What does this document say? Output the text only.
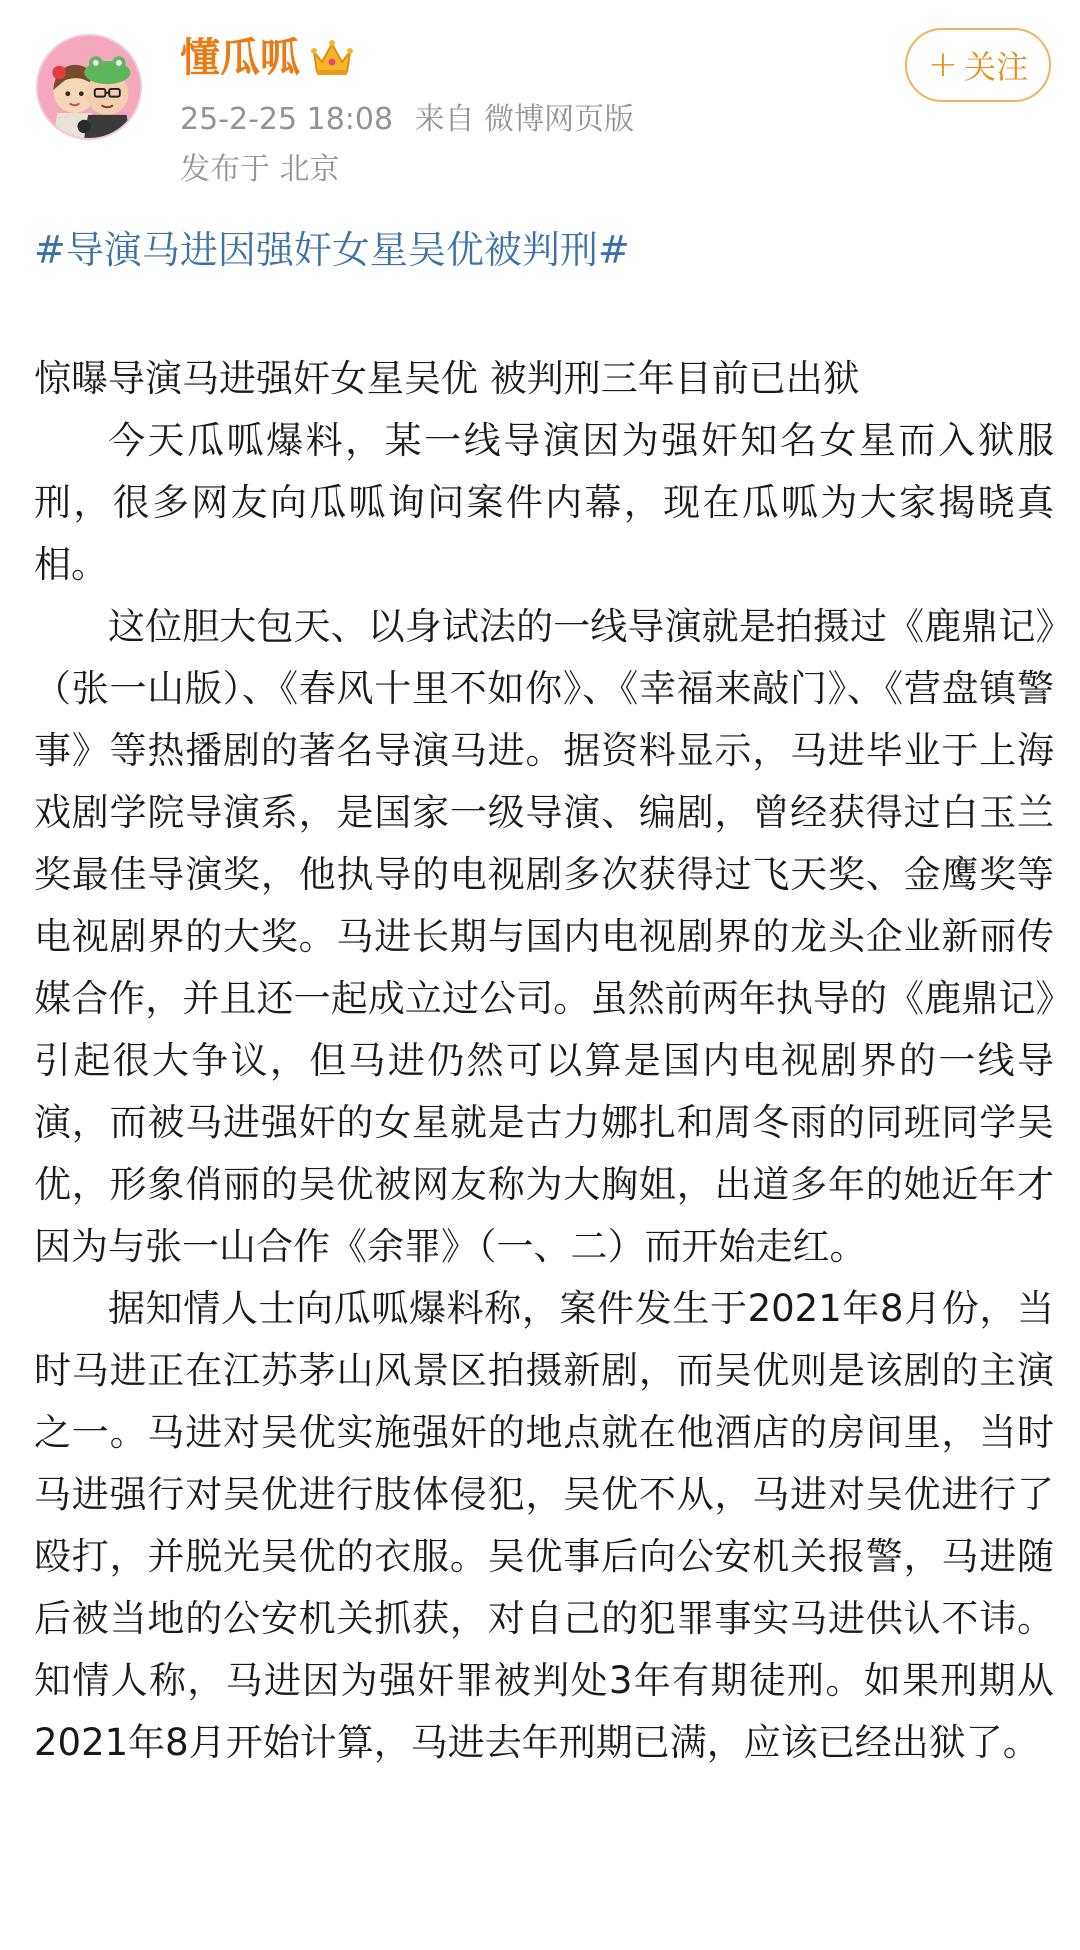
懂瓜呱
25-2-25 18:08 来自 微博网页版
发布于 北京
+ 关注
#导演马进因强奸女星吴优被判刑#

惊曝导演马进强奸女星吴优 被判刑三年目前已出狱

今天瓜呱爆料，某一线导演因为强奸知名女星而入狱服刑，很多网友向瓜呱询问案件内幕，现在瓜呱为大家揭晓真相。

这位胆大包天、以身试法的一线导演就是拍摄过《鹿鼎记》（张一山版）、《春风十里不如你》、《幸福来敲门》、《营盘镇警事》等热播剧的著名导演马进。据资料显示，马进毕业于上海戏剧学院导演系，是国家一级导演、编剧，曾经获得过白玉兰奖最佳导演奖，他执导的电视剧多次获得过飞天奖、金鹰奖等电视剧界的大奖。马进长期与国内电视剧界的龙头企业新丽传媒合作，并且还一起成立过公司。虽然前两年执导的《鹿鼎记》引起很大争议，但马进仍然可以算是国内电视剧界的一线导演，而被马进强奸的女星就是古力娜扎和周冬雨的同班同学吴优，形象俏丽的吴优被网友称为大胸姐，出道多年的她近年才因为与张一山合作《余罪》（一、二）而开始走红。

据知情人士向瓜呱爆料称，案件发生于2021年8月份，当时马进正在江苏茅山风景区拍摄新剧，而吴优则是该剧的主演之一。马进对吴优实施强奸的地点就在他酒店的房间里，当时马进强行对吴优进行肢体侵犯，吴优不从，马进对吴优进行了殴打，并脱光吴优的衣服。吴优事后向公安机关报警，马进随后被当地的公安机关抓获，对自己的犯罪事实马进供认不讳。知情人称，马进因为强奸罪被判处3年有期徒刑。如果刑期从2021年8月开始计算，马进去年刑期已满，应该已经出狱了。
